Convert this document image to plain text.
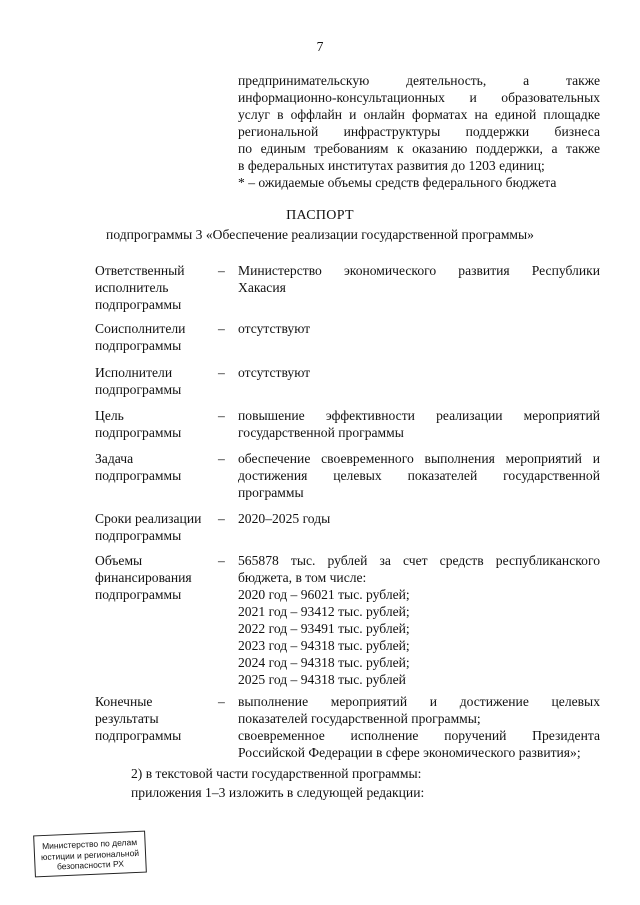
7
предпринимательскую деятельность, а также
информационно-консультационных и образовательных
услуг в оффлайн и онлайн форматах на единой площадке
региональной инфраструктуры поддержки бизнеса
по единым требованиям к оказанию поддержки, а также
в федеральных институтах развития до 1203 единиц;
* – ожидаемые объемы средств федерального бюджета
ПАСПОРТ
подпрограммы 3 «Обеспечение реализации государственной программы»
Ответственный
исполнитель
подпрограммы
– Министерство экономического развития Республики
Хакасия
Соисполнители
подпрограммы
– отсутствуют
Исполнители
подпрограммы
– отсутствуют
Цель
подпрограммы
– повышение эффективности реализации мероприятий
государственной программы
Задача
подпрограммы
– обеспечение своевременного выполнения мероприятий и
достижения целевых показателей государственной
программы
Сроки реализации
подпрограммы
– 2020–2025 годы
Объемы
финансирования
подпрограммы
– 565878 тыс. рублей за счет средств республиканского
бюджета, в том числе:
2020 год – 96021 тыс. рублей;
2021 год – 93412 тыс. рублей;
2022 год – 93491 тыс. рублей;
2023 год – 94318 тыс. рублей;
2024 год – 94318 тыс. рублей;
2025 год – 94318 тыс. рублей
Конечные
результаты
подпрограммы
– выполнение мероприятий и достижение целевых
показателей государственной программы;
своевременное исполнение поручений Президента
Российской Федерации в сфере экономического развития»;
2) в текстовой части государственной программы:
приложения 1–3 изложить в следующей редакции:
Министерство по делам
юстиции и региональной
безопасности РХ
